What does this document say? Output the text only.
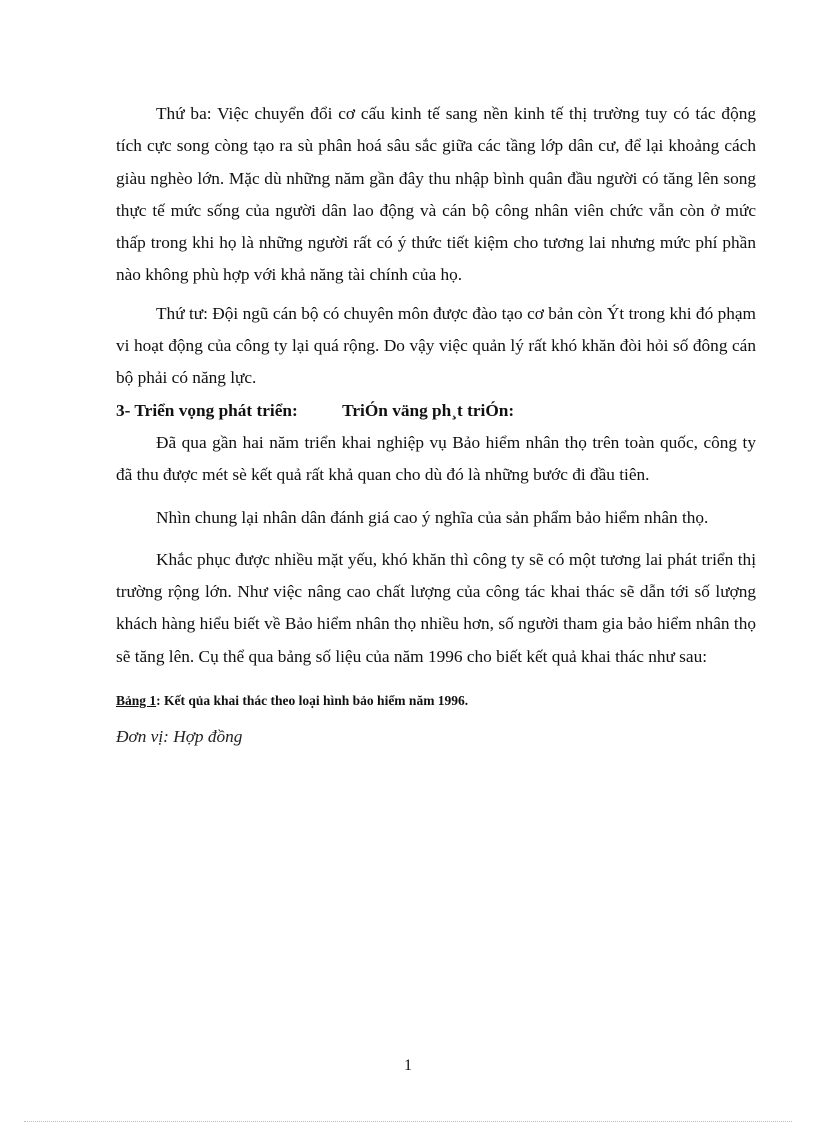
Thứ ba: Việc chuyển đổi cơ cấu kinh tế sang nền kinh tế thị trường tuy có tác động tích cực song còng tạo ra sù phân hoá sâu sắc giữa các tầng lớp dân cư, để lại khoảng cách giàu nghèo lớn. Mặc dù những năm gần đây thu nhập bình quân đầu người có tăng lên song thực tế mức sống của người dân lao động và cán bộ công nhân viên chức vẫn còn ở mức thấp trong khi họ là những người rất có ý thức tiết kiệm cho tương lai nhưng mức phí phần nào không phù hợp với khả năng tài chính của họ.

Thứ tư: Đội ngũ cán bộ có chuyên môn được đào tạo cơ bản còn Ýt trong khi đó phạm vi hoạt động của công ty lại quá rộng. Do vậy việc quản lý rất khó khăn đòi hỏi số đông cán bộ phải có năng lực.

3- Triển vọng phát triển:	TriÓn väng ph¸t triÓn:

Đã qua gần hai năm triển khai nghiệp vụ Bảo hiểm nhân thọ trên toàn quốc, công ty đã thu được mét sè kết quả rất khả quan cho dù đó là những bước đi đầu tiên.

Nhìn chung lại nhân dân đánh giá cao ý nghĩa của sản phẩm bảo hiểm nhân thọ.

Khắc phục được nhiều mặt yếu, khó khăn thì công ty sẽ có một tương lai phát triển thị trường rộng lớn. Như việc nâng cao chất lượng của công tác khai thác sẽ dẫn tới số lượng khách hàng hiểu biết về Bảo hiểm nhân thọ nhiều hơn, số người tham gia bảo hiểm nhân thọ sẽ tăng lên. Cụ thể qua bảng số liệu của năm 1996 cho biết kết quả khai thác như sau:

Bảng 1: Kết qủa khai thác theo loại hình bảo hiểm năm 1996.

Đơn vị: Hợp đồng

1
